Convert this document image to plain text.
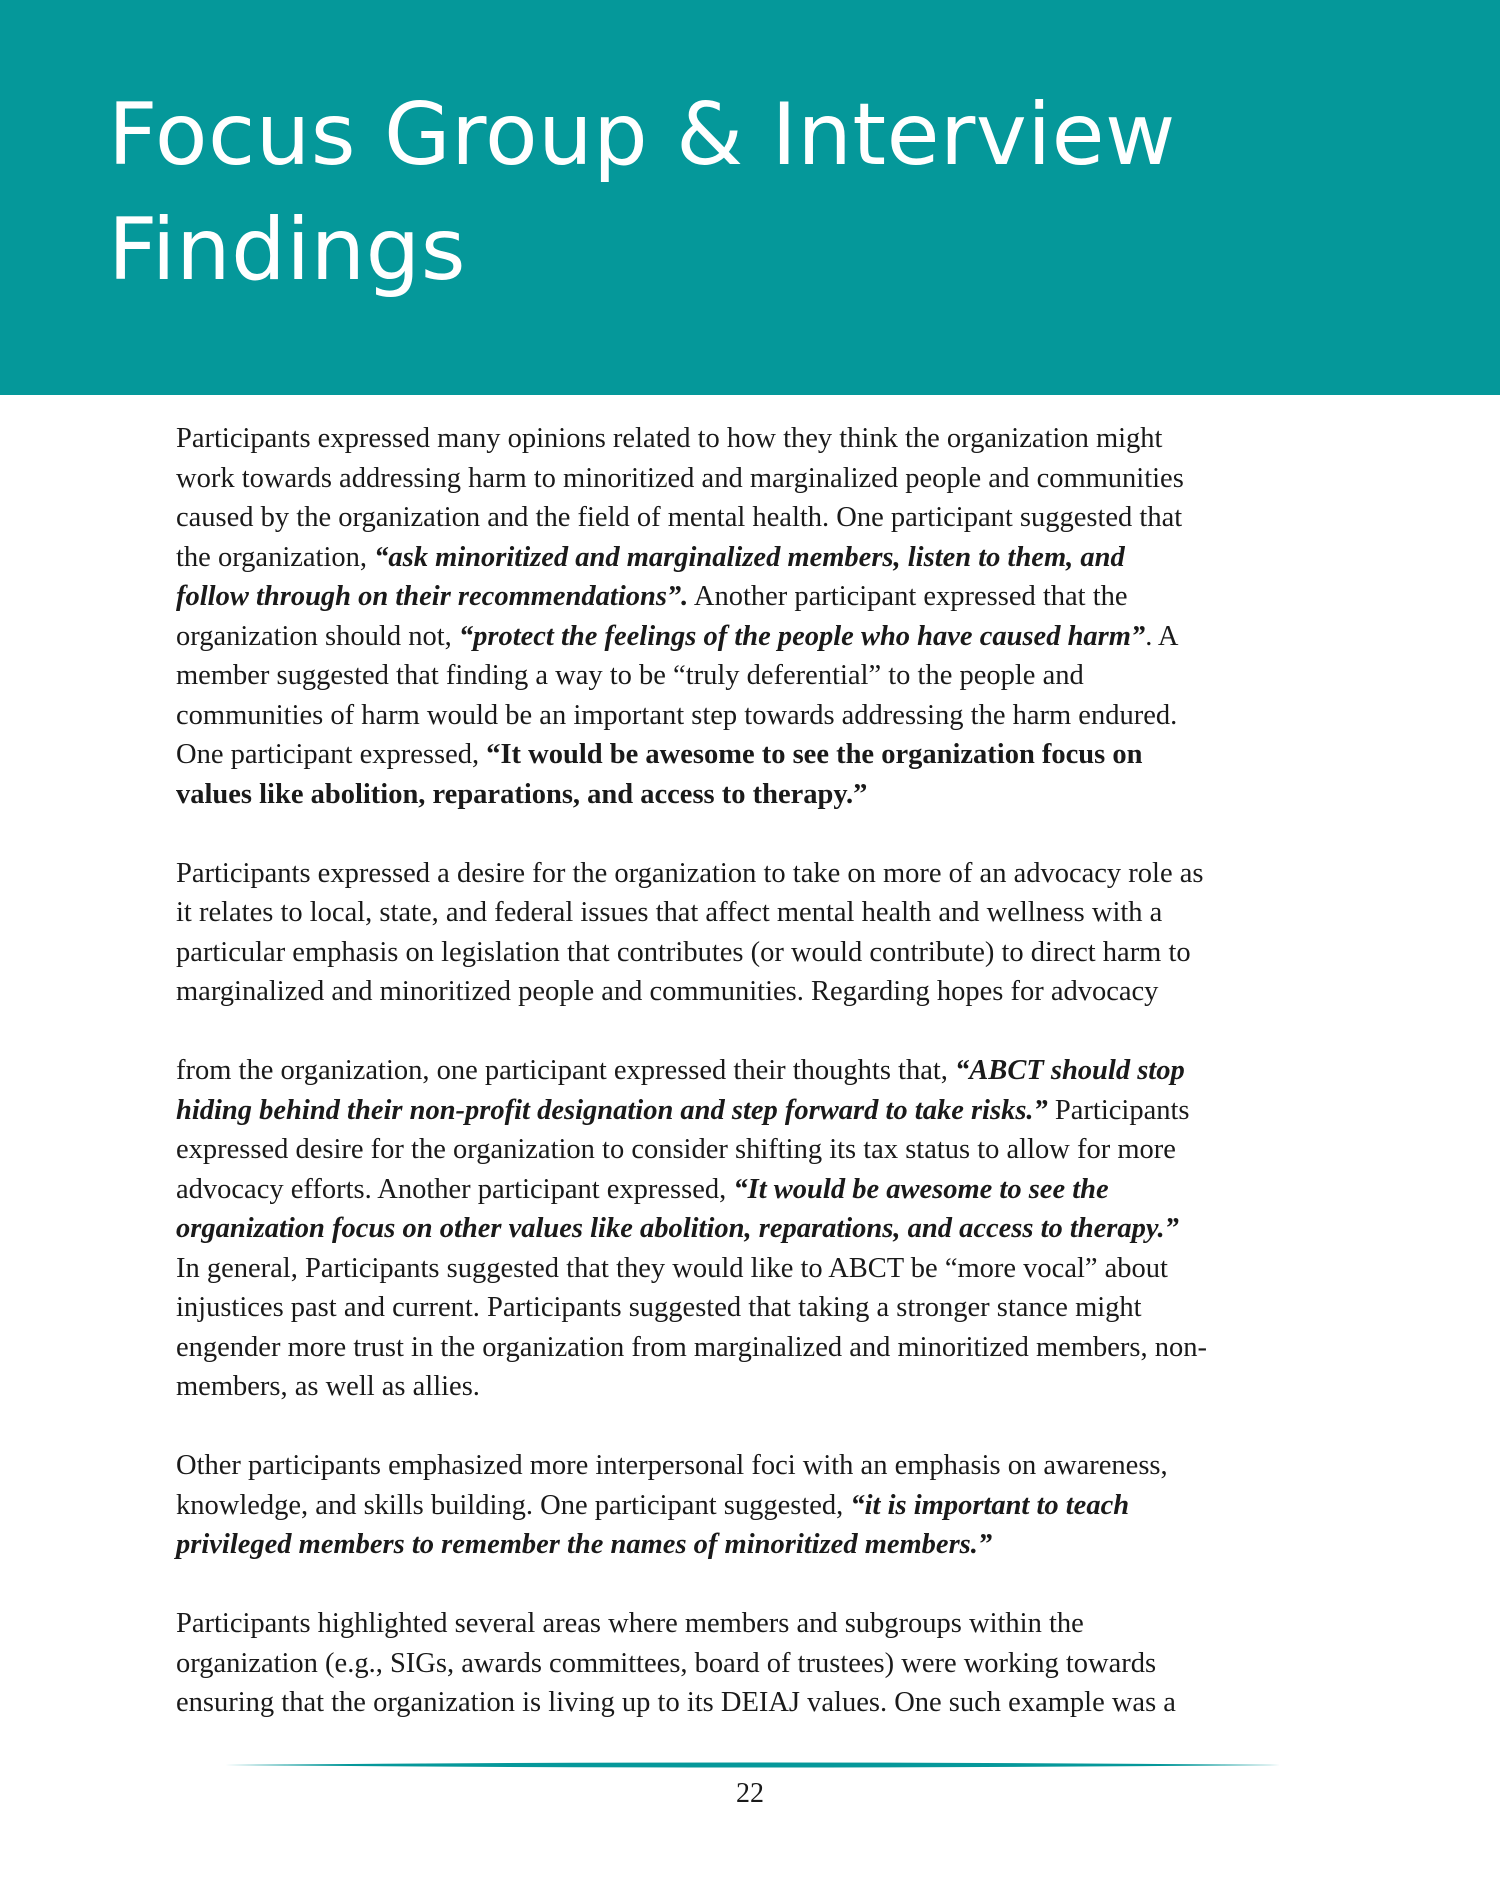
Focus Group & Interview
Findings

Participants expressed many opinions related to how they think the organization might
work towards addressing harm to minoritized and marginalized people and communities
caused by the organization and the field of mental health. One participant suggested that
the organization, “ask minoritized and marginalized members, listen to them, and
follow through on their recommendations”. Another participant expressed that the
organization should not, “protect the feelings of the people who have caused harm”. A
member suggested that finding a way to be “truly deferential” to the people and
communities of harm would be an important step towards addressing the harm endured.
One participant expressed, “It would be awesome to see the organization focus on
values like abolition, reparations, and access to therapy.”

Participants expressed a desire for the organization to take on more of an advocacy role as
it relates to local, state, and federal issues that affect mental health and wellness with a
particular emphasis on legislation that contributes (or would contribute) to direct harm to
marginalized and minoritized people and communities. Regarding hopes for advocacy

from the organization, one participant expressed their thoughts that, “ABCT should stop
hiding behind their non-profit designation and step forward to take risks.” Participants
expressed desire for the organization to consider shifting its tax status to allow for more
advocacy efforts. Another participant expressed, “It would be awesome to see the
organization focus on other values like abolition, reparations, and access to therapy.”
In general, Participants suggested that they would like to ABCT be “more vocal” about
injustices past and current. Participants suggested that taking a stronger stance might
engender more trust in the organization from marginalized and minoritized members, non-
members, as well as allies.

Other participants emphasized more interpersonal foci with an emphasis on awareness,
knowledge, and skills building. One participant suggested, “it is important to teach
privileged members to remember the names of minoritized members.”

Participants highlighted several areas where members and subgroups within the
organization (e.g., SIGs, awards committees, board of trustees) were working towards
ensuring that the organization is living up to its DEIAJ values. One such example was a

22
